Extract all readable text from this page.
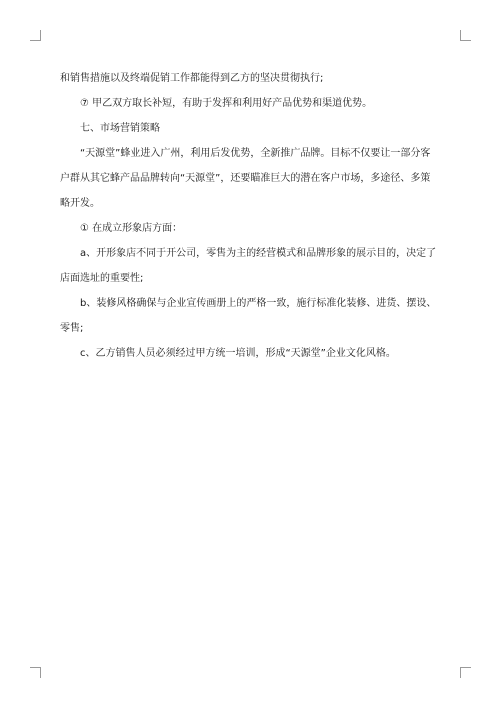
和销售措施以及终端促销工作都能得到乙方的坚决贯彻执行;
⑦ 甲乙双方取长补短，有助于发挥和利用好产品优势和渠道优势。
七、市场营销策略
“天源堂”蜂业进入广州，利用后发优势，全新推广品牌。目标不仅要让一部分客
户群从其它蜂产品品牌转向“天源堂”，还要瞄准巨大的潜在客户市场，多途径、多策
略开发。
① 在成立形象店方面：
a、开形象店不同于开公司，零售为主的经营模式和品牌形象的展示目的，决定了
店面选址的重要性;
b、装修风格确保与企业宣传画册上的严格一致，施行标准化装修、进货、摆设、
零售;
c、乙方销售人员必须经过甲方统一培训，形成“天源堂”企业文化风格。
